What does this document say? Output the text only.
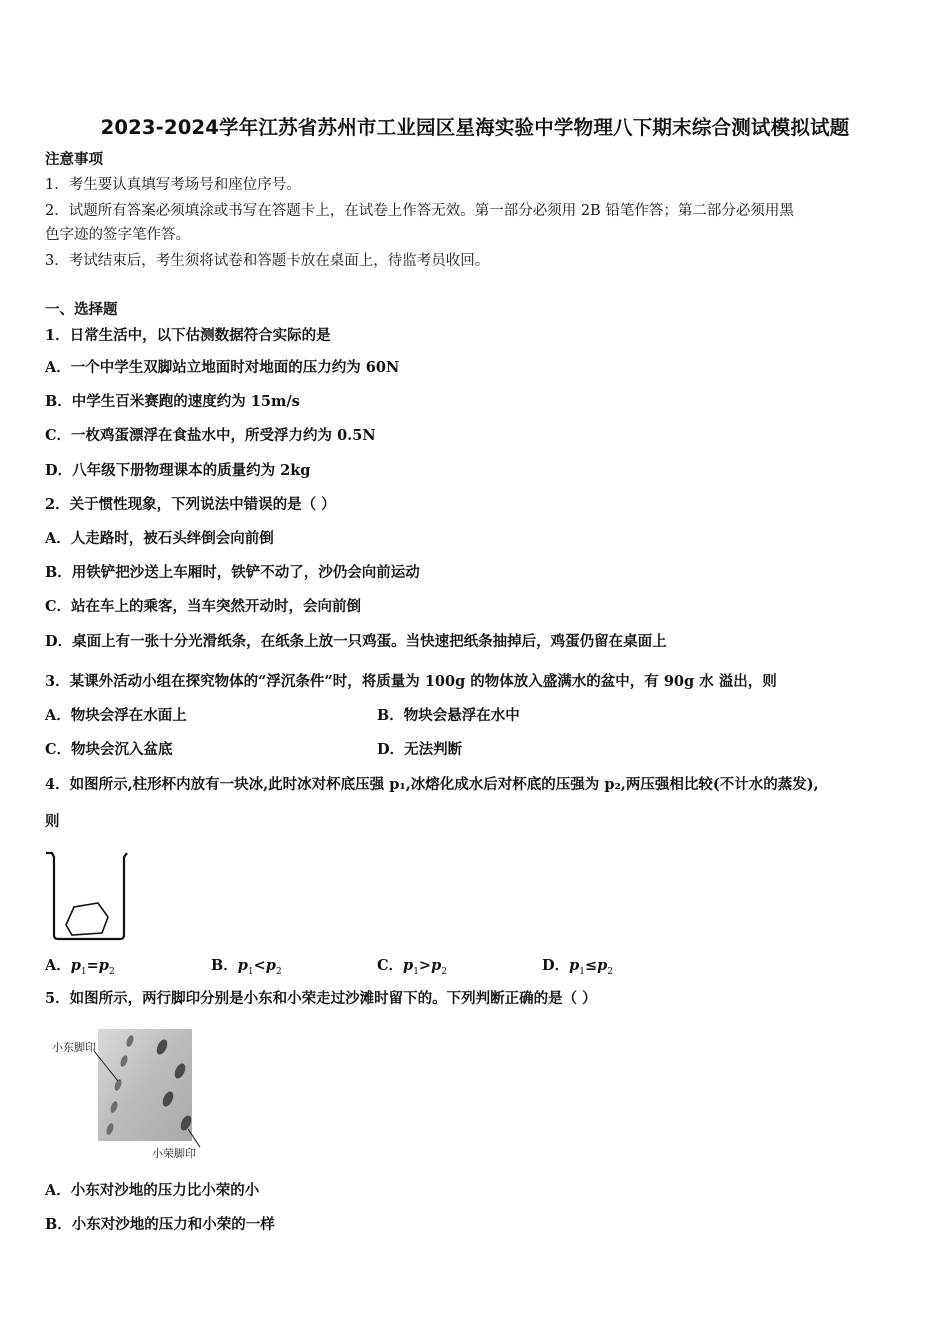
2023-2024学年江苏省苏州市工业园区星海实验中学物理八下期末综合测试模拟试题
注意事项
1．考生要认真填写考场号和座位序号。
2．试题所有答案必须填涂或书写在答题卡上，在试卷上作答无效。第一部分必须用 2B 铅笔作答；第二部分必须用黑
色字迹的签字笔作答。
3．考试结束后，考生须将试卷和答题卡放在桌面上，待监考员收回。
一、选择题
1．日常生活中，以下估测数据符合实际的是
A．一个中学生双脚站立地面时对地面的压力约为 60N
B．中学生百米赛跑的速度约为 15m/s
C．一枚鸡蛋漂浮在食盐水中，所受浮力约为 0.5N
D．八年级下册物理课本的质量约为 2kg
2．关于惯性现象，下列说法中错误的是（ ）
A．人走路时，被石头绊倒会向前倒
B．用铁铲把沙送上车厢时，铁铲不动了，沙仍会向前运动
C．站在车上的乘客，当车突然开动时，会向前倒
D．桌面上有一张十分光滑纸条，在纸条上放一只鸡蛋。当快速把纸条抽掉后，鸡蛋仍留在桌面上
3．某课外活动小组在探究物体的“浮沉条件”时，将质量为 100g 的物体放入盛满水的盆中，有 90g 水 溢出，则
A．物块会浮在水面上	B．物块会悬浮在水中
C．物块会沉入盆底	D．无法判断
4．如图所示,柱形杯内放有一块冰,此时冰对杯底压强 p₁,冰熔化成水后对杯底的压强为 p₂,两压强相比较(不计水的蒸发),
则
A．$p_1=p_2$	B．$p_1<p_2$	C．$p_1>p_2$	D．$p_1\le p_2$
5．如图所示，两行脚印分别是小东和小荣走过沙滩时留下的。下列判断正确的是（ ）
小东脚印
小荣脚印
A．小东对沙地的压力比小荣的小
B．小东对沙地的压力和小荣的一样
